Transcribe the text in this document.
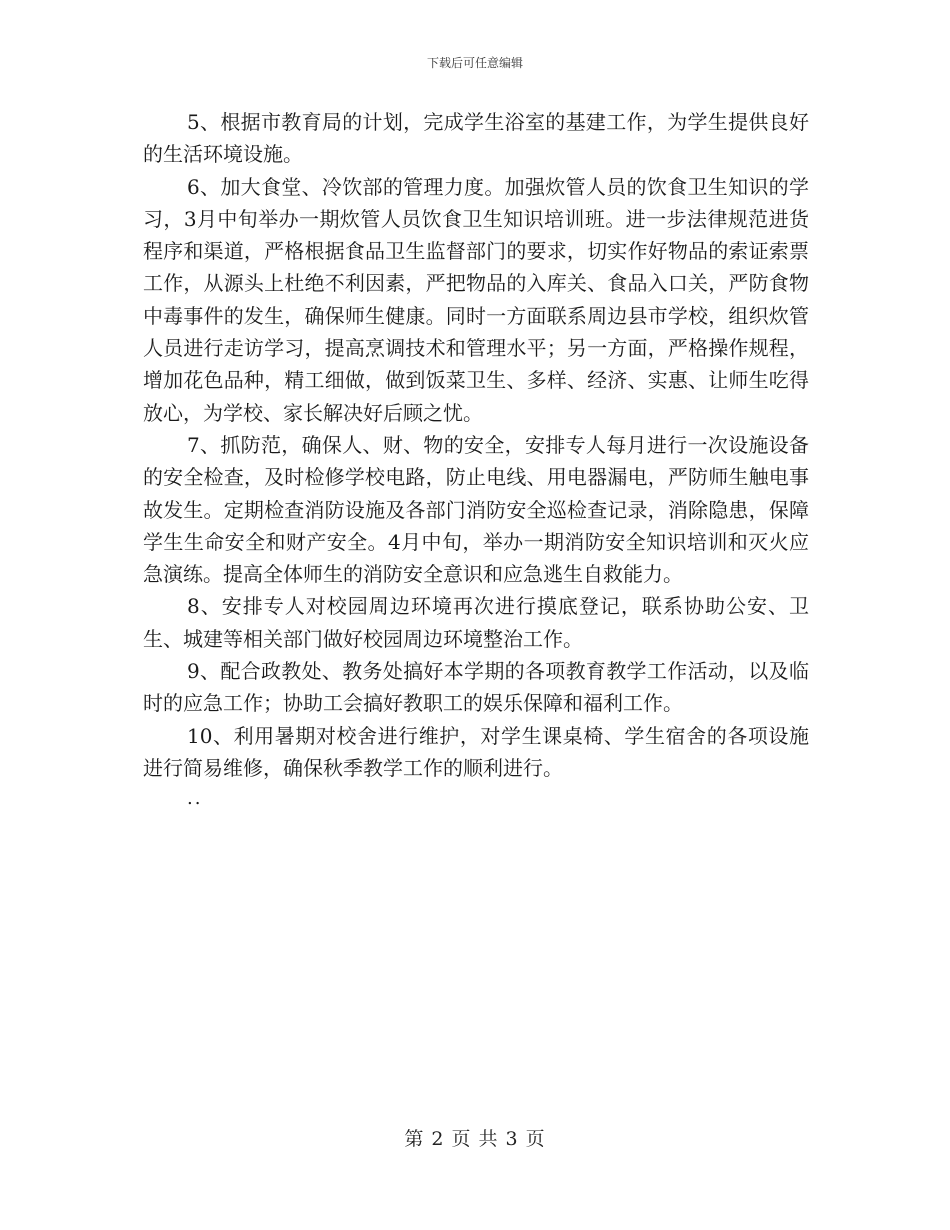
下载后可任意编辑

5、根据市教育局的计划，完成学生浴室的基建工作，为学生提供良好的生活环境设施。

6、加大食堂、冷饮部的管理力度。加强炊管人员的饮食卫生知识的学习，3月中旬举办一期炊管人员饮食卫生知识培训班。进一步法律规范进货程序和渠道，严格根据食品卫生监督部门的要求，切实作好物品的索证索票工作，从源头上杜绝不利因素，严把物品的入库关、食品入口关，严防食物中毒事件的发生，确保师生健康。同时一方面联系周边县市学校，组织炊管人员进行走访学习，提高烹调技术和管理水平；另一方面，严格操作规程，增加花色品种，精工细做，做到饭菜卫生、多样、经济、实惠、让师生吃得放心，为学校、家长解决好后顾之忧。

7、抓防范，确保人、财、物的安全，安排专人每月进行一次设施设备的安全检查，及时检修学校电路，防止电线、用电器漏电，严防师生触电事故发生。定期检查消防设施及各部门消防安全巡检查记录，消除隐患，保障学生生命安全和财产安全。4月中旬，举办一期消防安全知识培训和灭火应急演练。提高全体师生的消防安全意识和应急逃生自救能力。

8、安排专人对校园周边环境再次进行摸底登记，联系协助公安、卫生、城建等相关部门做好校园周边环境整治工作。

9、配合政教处、教务处搞好本学期的各项教育教学工作活动，以及临时的应急工作；协助工会搞好教职工的娱乐保障和福利工作。

10、利用暑期对校舍进行维护，对学生课桌椅、学生宿舍的各项设施进行简易维修，确保秋季教学工作的顺利进行。

..

第 2 页 共 3 页
